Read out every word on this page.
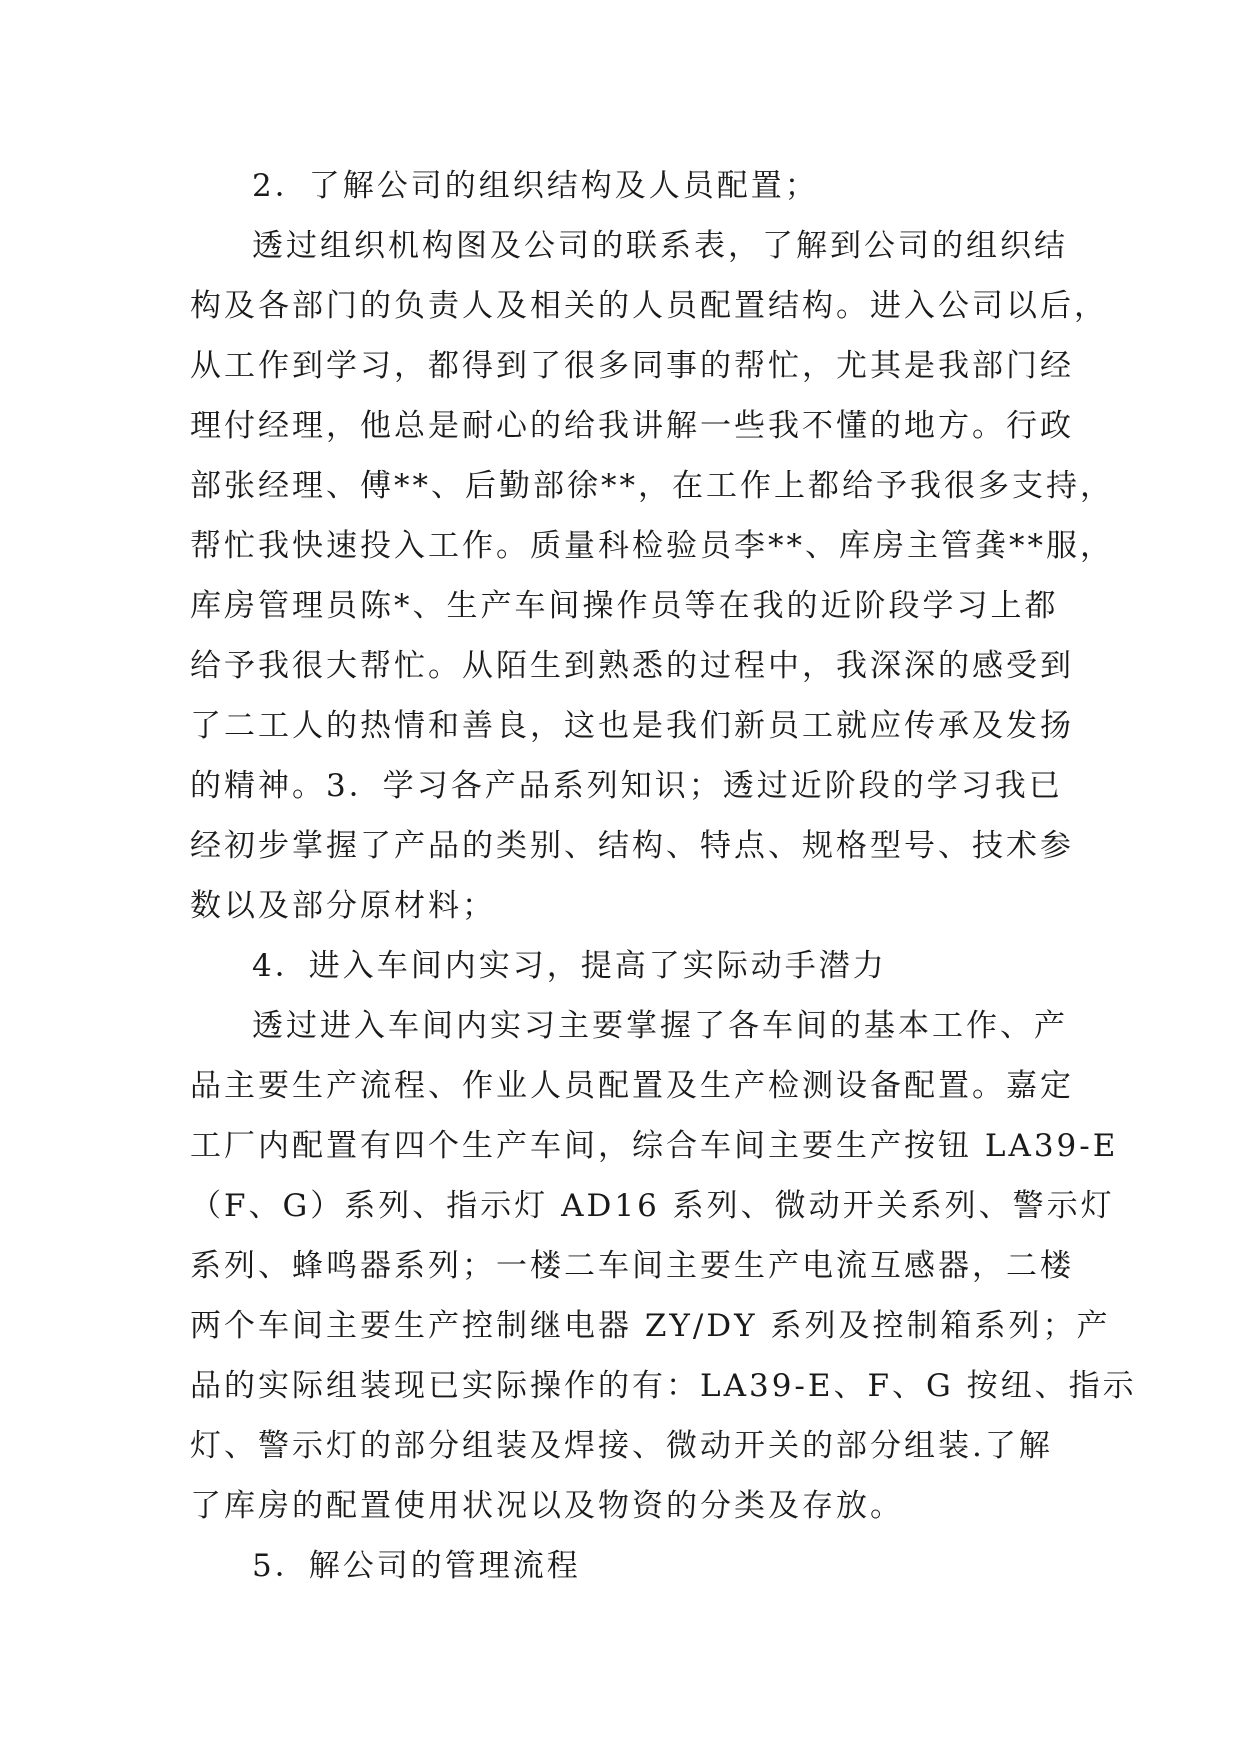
2．了解公司的组织结构及人员配置；
透过组织机构图及公司的联系表，了解到公司的组织结
构及各部门的负责人及相关的人员配置结构。进入公司以后，
从工作到学习，都得到了很多同事的帮忙，尤其是我部门经
理付经理，他总是耐心的给我讲解一些我不懂的地方。行政
部张经理、傅**、后勤部徐**，在工作上都给予我很多支持，
帮忙我快速投入工作。质量科检验员李**、库房主管龚**服，
库房管理员陈*、生产车间操作员等在我的近阶段学习上都
给予我很大帮忙。从陌生到熟悉的过程中，我深深的感受到
了二工人的热情和善良，这也是我们新员工就应传承及发扬
的精神。3．学习各产品系列知识；透过近阶段的学习我已
经初步掌握了产品的类别、结构、特点、规格型号、技术参
数以及部分原材料；
4．进入车间内实习，提高了实际动手潜力
透过进入车间内实习主要掌握了各车间的基本工作、产
品主要生产流程、作业人员配置及生产检测设备配置。嘉定
工厂内配置有四个生产车间，综合车间主要生产按钮 LA39-E
（F、G）系列、指示灯 AD16 系列、微动开关系列、警示灯
系列、蜂鸣器系列；一楼二车间主要生产电流互感器，二楼
两个车间主要生产控制继电器 ZY/DY 系列及控制箱系列；产
品的实际组装现已实际操作的有：LA39-E、F、G 按纽、指示
灯、警示灯的部分组装及焊接、微动开关的部分组装.了解
了库房的配置使用状况以及物资的分类及存放。
5．解公司的管理流程
